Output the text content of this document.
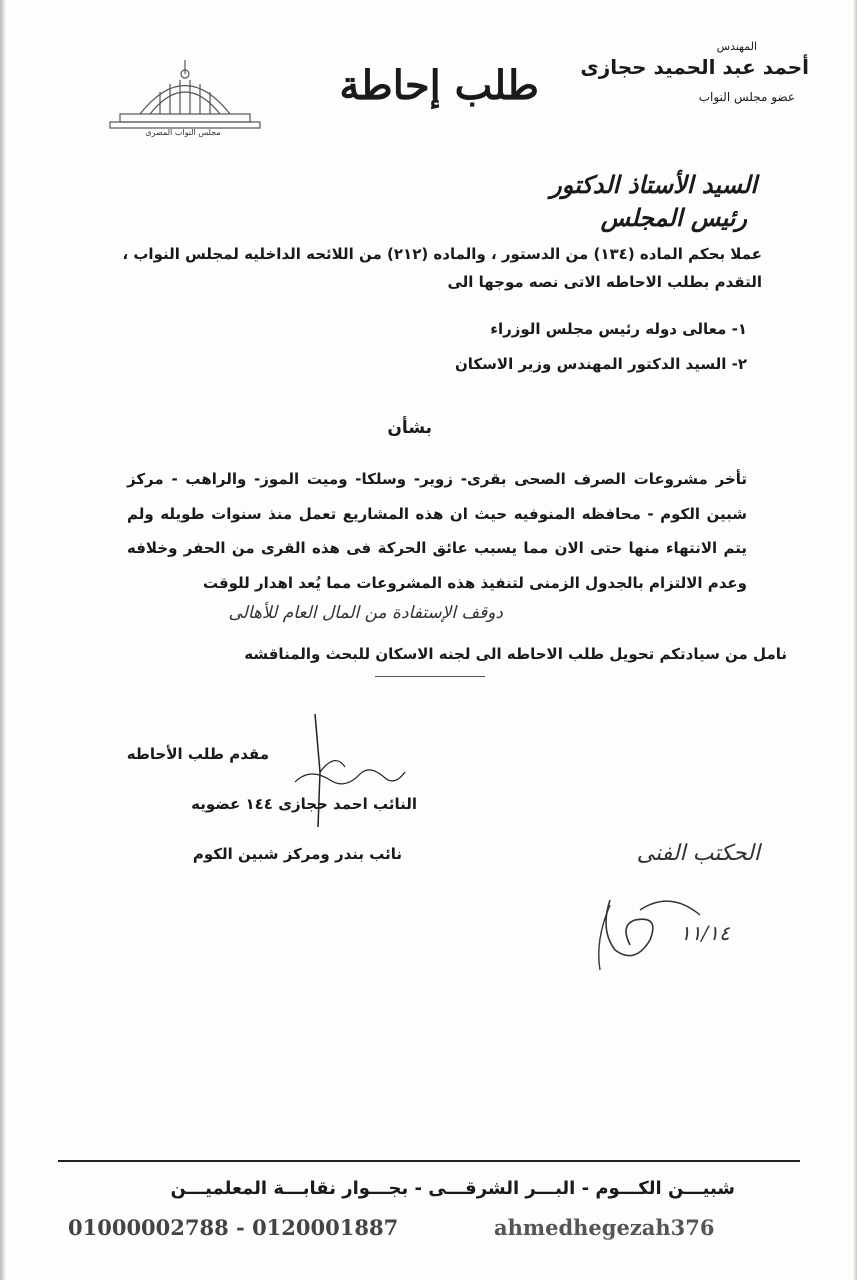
المهندس
أحمد عبد الحميد حجازى
عضو مجلس النواب
طلب إحاطة
مجلس النواب المصرى
السيد الأستاذ الدكتور
رئيس المجلس
عملا بحكم الماده (١٣٤) من الدستور ، والماده (٢١٢) من اللائحه الداخليه لمجلس النواب ، التقدم بطلب الاحاطه الاتى نصه موجها الى
١- معالى دوله رئيس مجلس الوزراء
٢- السيد الدكتور المهندس وزير الاسكان
بشأن
تأخر مشروعات الصرف الصحى بقرى- زوير- وسلكا- وميت الموز- والراهب - مركز شبين الكوم - محافظه المنوفيه حيث ان هذه المشاريع تعمل منذ سنوات طويله ولم يتم الانتهاء منها حتى الان مما يسبب عائق الحركة فى هذه القرى من الحفر وخلافه وعدم الالتزام بالجدول الزمنى لتنفيذ هذه المشروعات مما يُعد اهدار للوقت
دوقف الإستفادة من المال العام للأهالى
نامل من سيادتكم تحويل طلب الاحاطه الى لجنه الاسكان للبحث والمناقشه
مقدم طلب الأحاطه
النائب احمد حجازى ١٤٤ عضويه
نائب بندر ومركز شبين الكوم	الحكتب الفنى
١١/١٤
شبيـــن الكـــوم - البـــر الشرقـــى - بجـــوار نقابـــة المعلميـــن
01000002788 - 0120001887	ahmedhegezah376
